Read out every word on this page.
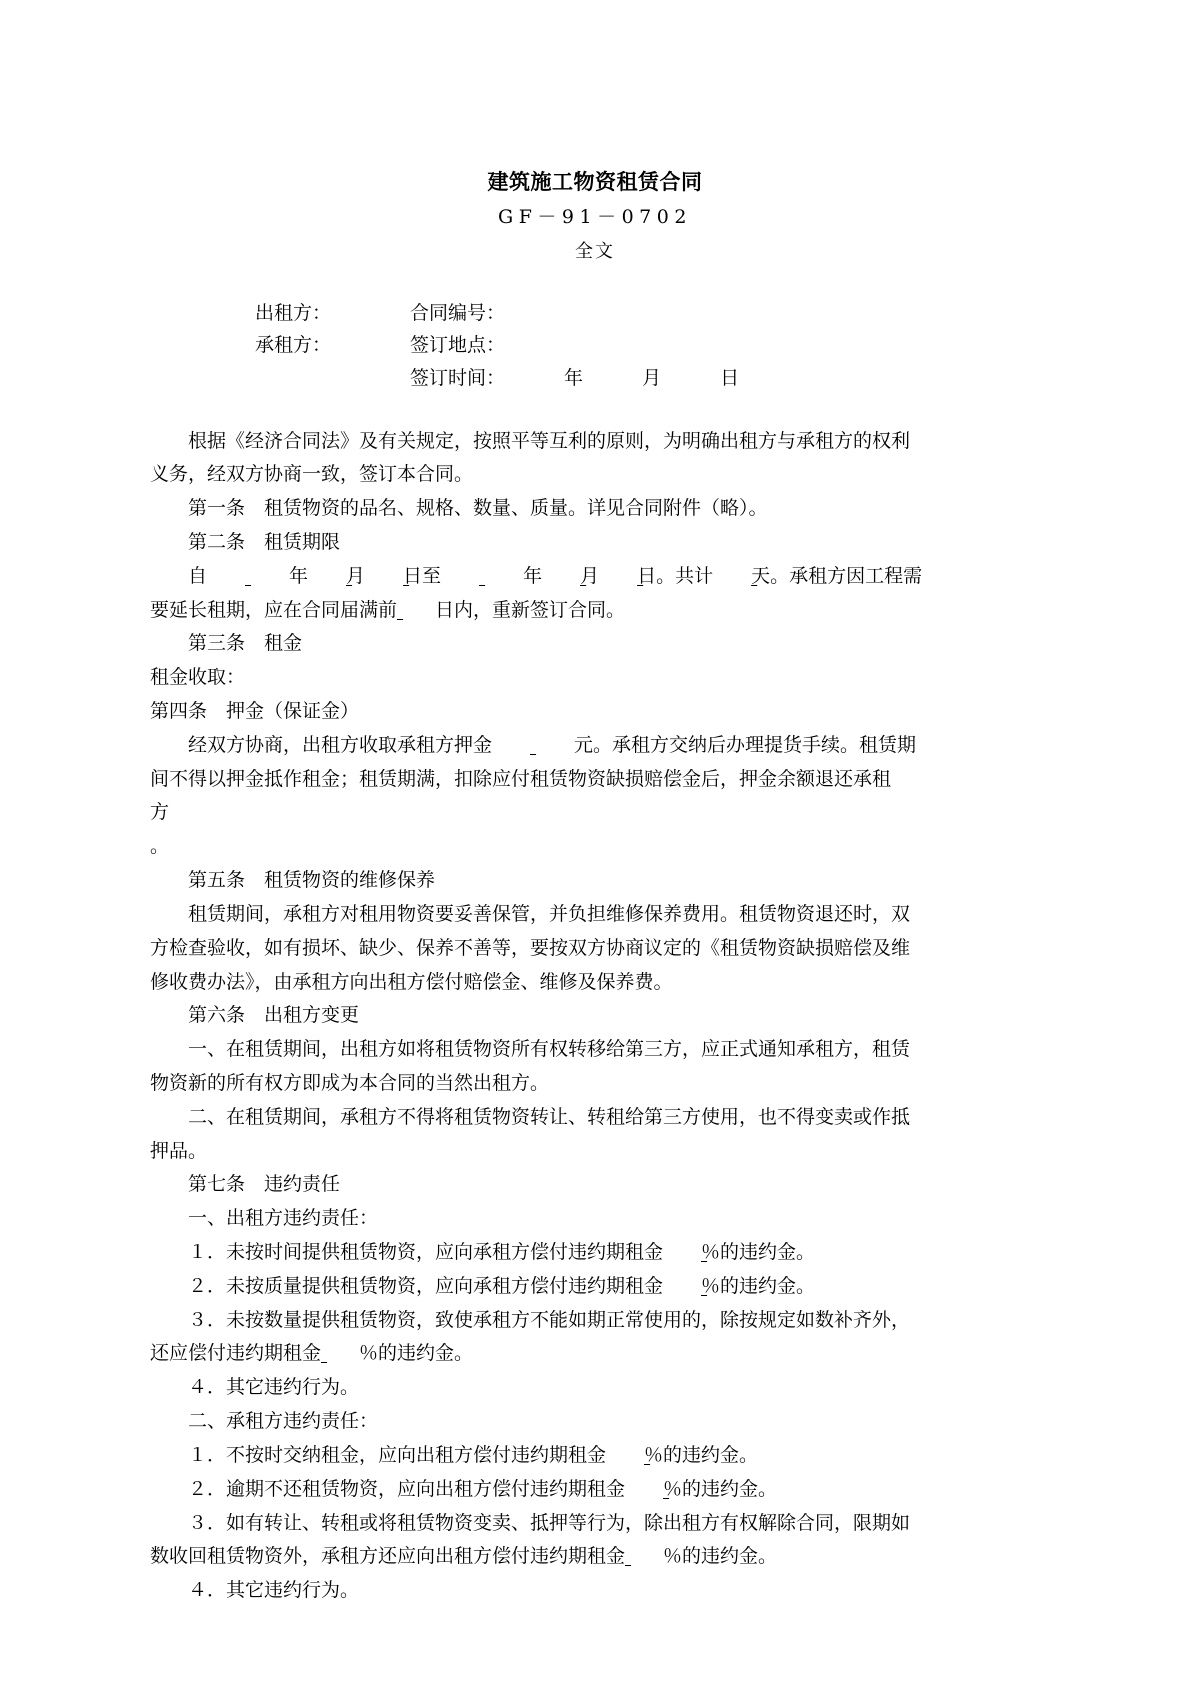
建筑施工物资租赁合同
GF－91－0702
全文
出租方：	合同编号：
承租方：	签订地点：
签订时间：	年	月	日

根据《经济合同法》及有关规定，按照平等互利的原则，为明确出租方与承租方的权利

义务，经双方协商一致，签订本合同。

第一条　租赁物资的品名、规格、数量、质量。详见合同附件（略）。

第二条　租赁期限

自	年 月 日至	年 月 日。共计 天。承租方因工程需

要延长租期，应在合同届满前 日内，重新签订合同。

第三条　租金

租金收取：

第四条　押金（保证金）

经双方协商，出租方收取承租方押金	元。承租方交纳后办理提货手续。租赁期

间不得以押金抵作租金；租赁期满，扣除应付租赁物资缺损赔偿金后，押金余额退还承租

方

。

第五条　租赁物资的维修保养

租赁期间，承租方对租用物资要妥善保管，并负担维修保养费用。租赁物资退还时，双

方检查验收，如有损坏、缺少、保养不善等，要按双方协商议定的《租赁物资缺损赔偿及维

修收费办法》，由承租方向出租方偿付赔偿金、维修及保养费。

第六条　出租方变更

一、在租赁期间，出租方如将租赁物资所有权转移给第三方，应正式通知承租方，租赁

物资新的所有权方即成为本合同的当然出租方。

二、在租赁期间，承租方不得将租赁物资转让、转租给第三方使用，也不得变卖或作抵

押品。

第七条　违约责任

一、出租方违约责任：

１．未按时间提供租赁物资，应向承租方偿付违约期租金 ％的违约金。

２．未按质量提供租赁物资，应向承租方偿付违约期租金 ％的违约金。

３．未按数量提供租赁物资，致使承租方不能如期正常使用的，除按规定如数补齐外，

还应偿付违约期租金 ％的违约金。

４．其它违约行为。

二、承租方违约责任：

１．不按时交纳租金，应向出租方偿付违约期租金 ％的违约金。

２．逾期不还租赁物资，应向出租方偿付违约期租金 ％的违约金。

３．如有转让、转租或将租赁物资变卖、抵押等行为，除出租方有权解除合同，限期如

数收回租赁物资外，承租方还应向出租方偿付违约期租金 ％的违约金。

４．其它违约行为。
